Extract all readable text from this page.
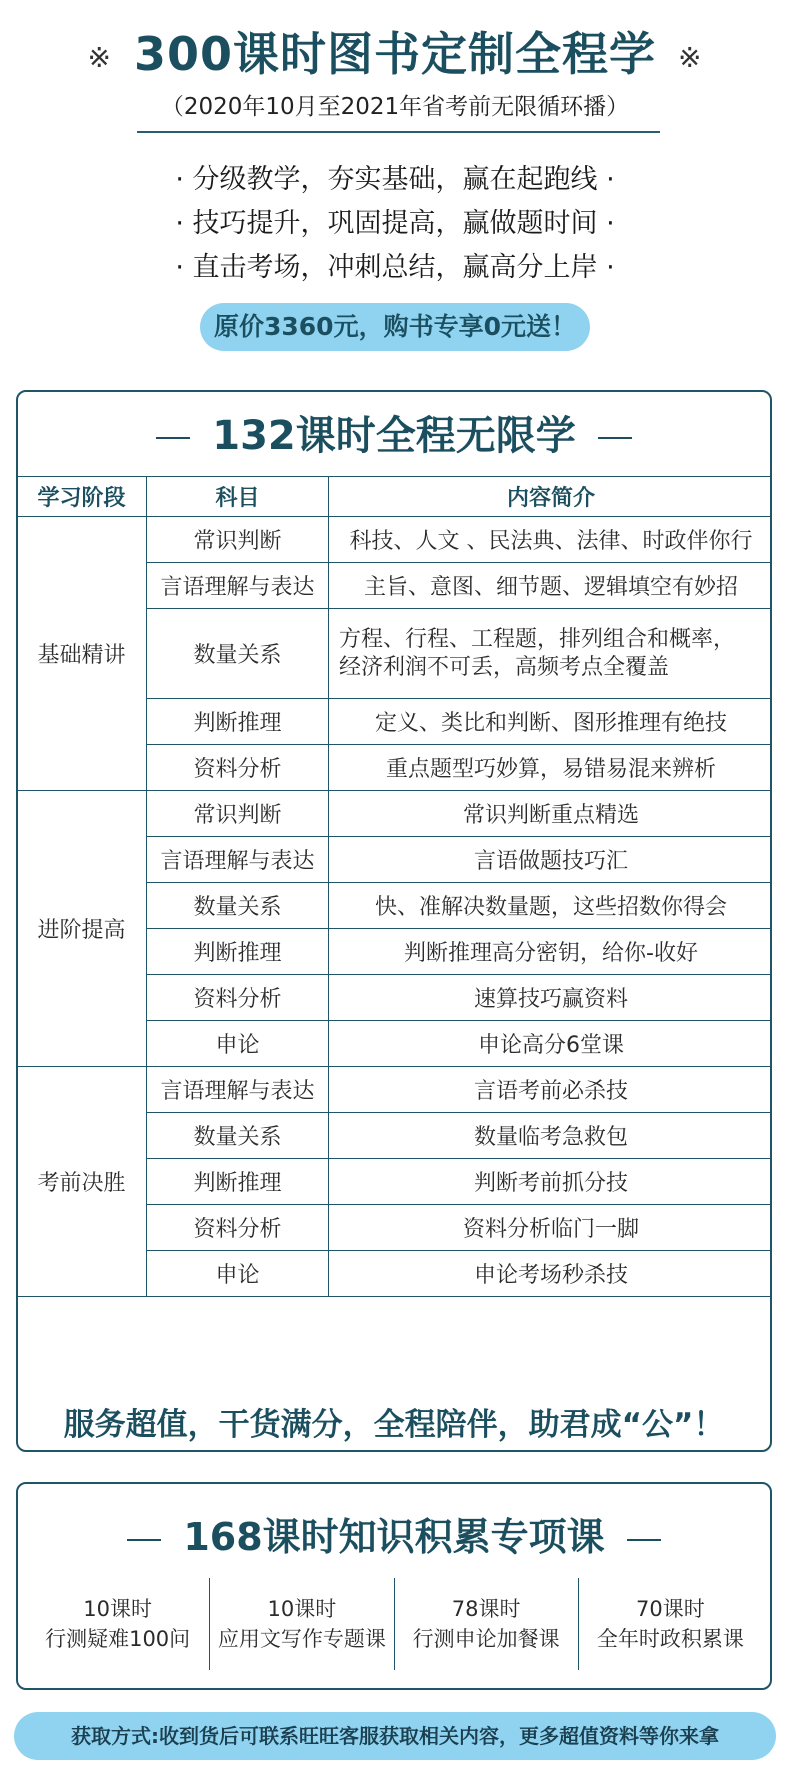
※ 300课时图书定制全程学 ※
（2020年10月至2021年省考前无限循环播）
· 分级教学，夯实基础，赢在起跑线 ·
· 技巧提升，巩固提高，赢做题时间 ·
· 直击考场，冲刺总结，赢高分上岸 ·
原价3360元，购书专享0元送！
132课时全程无限学
学习阶段	科目	内容简介
基础精讲	常识判断	科技、人文 、民法典、法律、时政伴你行
	言语理解与表达	主旨、意图、细节题、逻辑填空有妙招
	数量关系	方程、行程、工程题，排列组合和概率，
经济利润不可丢，高频考点全覆盖

	判断推理	定义、类比和判断、图形推理有绝技
	资料分析	重点题型巧妙算，易错易混来辨析
进阶提高	常识判断	常识判断重点精选
	言语理解与表达	言语做题技巧汇
	数量关系	快、准解决数量题，这些招数你得会
	判断推理	判断推理高分密钥，给你-收好
	资料分析	速算技巧赢资料
	申论	申论高分6堂课
考前决胜	言语理解与表达	言语考前必杀技
	数量关系	数量临考急救包
	判断推理	判断考前抓分技
	资料分析	资料分析临门一脚
	申论	申论考场秒杀技
服务超值，干货满分，全程陪伴，助君成“公”！
168课时知识积累专项课
10课时
行测疑难100问
10课时
应用文写作专题课
78课时
行测申论加餐课
70课时
全年时政积累课
获取方式:收到货后可联系旺旺客服获取相关内容，更多超值资料等你来拿
